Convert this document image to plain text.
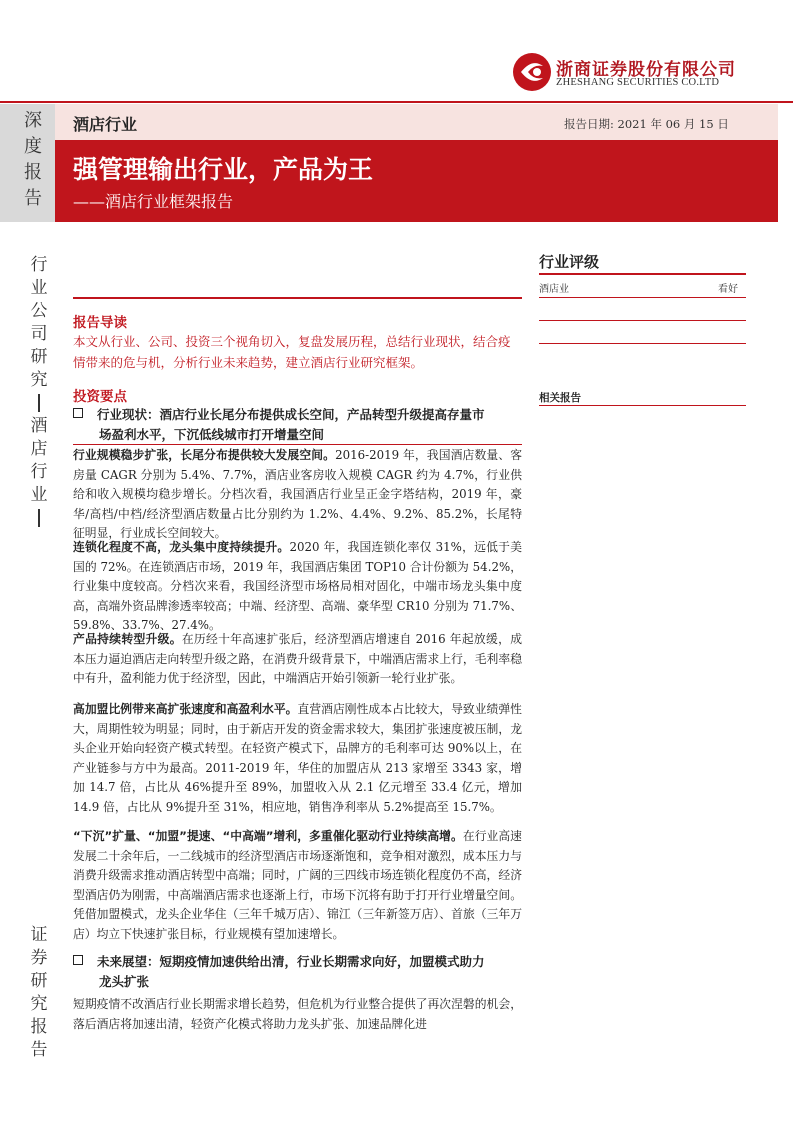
浙商证券股份有限公司
ZHESHANG SECURITIES CO.LTD
深度报告
酒店行业	报告日期: 2021 年 06 月 15 日
强管理输出行业，产品为王
——酒店行业框架报告
行业公司研究
酒店行业
证券研究报告
行业评级
酒店业	看好
相关报告
报告导读
本文从行业、公司、投资三个视角切入，复盘发展历程，总结行业现状，结合疫情带来的危与机，分析行业未来趋势，建立酒店行业研究框架。
投资要点
行业现状：酒店行业长尾分布提供成长空间，产品转型升级提高存量市
场盈利水平，下沉低线城市打开增量空间
行业规模稳步扩张，长尾分布提供较大发展空间。2016-2019 年，我国酒店数量、客房量 CAGR 分别为 5.4%、7.7%，酒店业客房收入规模 CAGR 约为 4.7%，行业供给和收入规模均稳步增长。分档次看，我国酒店行业呈正金字塔结构，2019 年，豪华/高档/中档/经济型酒店数量占比分别约为 1.2%、4.4%、9.2%、85.2%，长尾特征明显，行业成长空间较大。
连锁化程度不高，龙头集中度持续提升。2020 年，我国连锁化率仅 31%，远低于美国的 72%。在连锁酒店市场，2019 年，我国酒店集团 TOP10 合计份额为 54.2%，行业集中度较高。分档次来看，我国经济型市场格局相对固化，中端市场龙头集中度高，高端外资品牌渗透率较高；中端、经济型、高端、豪华型 CR10 分别为 71.7%、59.8%、33.7%、27.4%。
产品持续转型升级。在历经十年高速扩张后，经济型酒店增速自 2016 年起放缓，成本压力逼迫酒店走向转型升级之路，在消费升级背景下，中端酒店需求上行，毛利率稳中有升，盈利能力优于经济型，因此，中端酒店开始引领新一轮行业扩张。
高加盟比例带来高扩张速度和高盈利水平。直营酒店刚性成本占比较大，导致业绩弹性大，周期性较为明显；同时，由于新店开发的资金需求较大，集团扩张速度被压制，龙头企业开始向轻资产模式转型。在轻资产模式下，品牌方的毛利率可达 90%以上，在产业链参与方中为最高。2011-2019 年，华住的加盟店从 213 家增至 3343 家，增加 14.7 倍，占比从 46%提升至 89%，加盟收入从 2.1 亿元增至 33.4 亿元，增加 14.9 倍，占比从 9%提升至 31%，相应地，销售净利率从 5.2%提高至 15.7%。
“下沉”扩量、“加盟”提速、“中高端”增利，多重催化驱动行业持续高增。在行业高速发展二十余年后，一二线城市的经济型酒店市场逐渐饱和，竞争相对激烈，成本压力与消费升级需求推动酒店转型中高端；同时，广阔的三四线市场连锁化程度仍不高，经济型酒店仍为刚需，中高端酒店需求也逐渐上行，市场下沉将有助于打开行业增量空间。凭借加盟模式，龙头企业华住（三年千城万店）、锦江（三年新签万店）、首旅（三年万店）均立下快速扩张目标，行业规模有望加速增长。
未来展望：短期疫情加速供给出清，行业长期需求向好，加盟模式助力
龙头扩张
短期疫情不改酒店行业长期需求增长趋势，但危机为行业整合提供了再次涅磐的机会，落后酒店将加速出清，轻资产化模式将助力龙头扩张、加速品牌化进
